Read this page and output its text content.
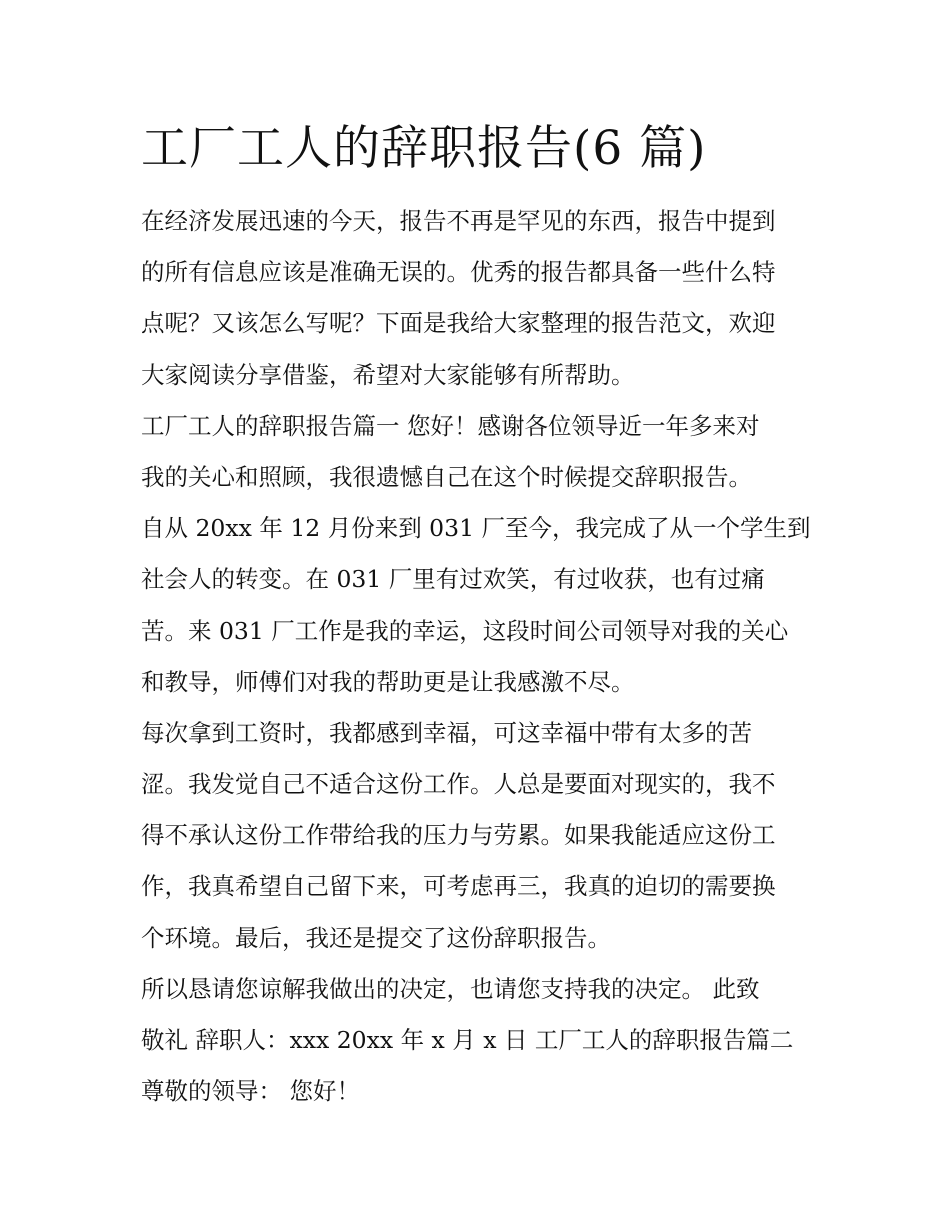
工厂工人的辞职报告(6 篇)
在经济发展迅速的今天，报告不再是罕见的东西，报告中提到
的所有信息应该是准确无误的。优秀的报告都具备一些什么特
点呢？又该怎么写呢？下面是我给大家整理的报告范文，欢迎
大家阅读分享借鉴，希望对大家能够有所帮助。
工厂工人的辞职报告篇一 您好！感谢各位领导近一年多来对
我的关心和照顾，我很遗憾自己在这个时候提交辞职报告。
自从 20xx 年 12 月份来到 031 厂至今，我完成了从一个学生到
社会人的转变。在 031 厂里有过欢笑，有过收获，也有过痛
苦。来 031 厂工作是我的幸运，这段时间公司领导对我的关心
和教导，师傅们对我的帮助更是让我感激不尽。
每次拿到工资时，我都感到幸福，可这幸福中带有太多的苦
涩。我发觉自己不适合这份工作。人总是要面对现实的，我不
得不承认这份工作带给我的压力与劳累。如果我能适应这份工
作，我真希望自己留下来，可考虑再三，我真的迫切的需要换
个环境。最后，我还是提交了这份辞职报告。
所以恳请您谅解我做出的决定，也请您支持我的决定。 此致
敬礼 辞职人：xxx 20xx 年 x 月 x 日 工厂工人的辞职报告篇二
尊敬的领导： 您好！
